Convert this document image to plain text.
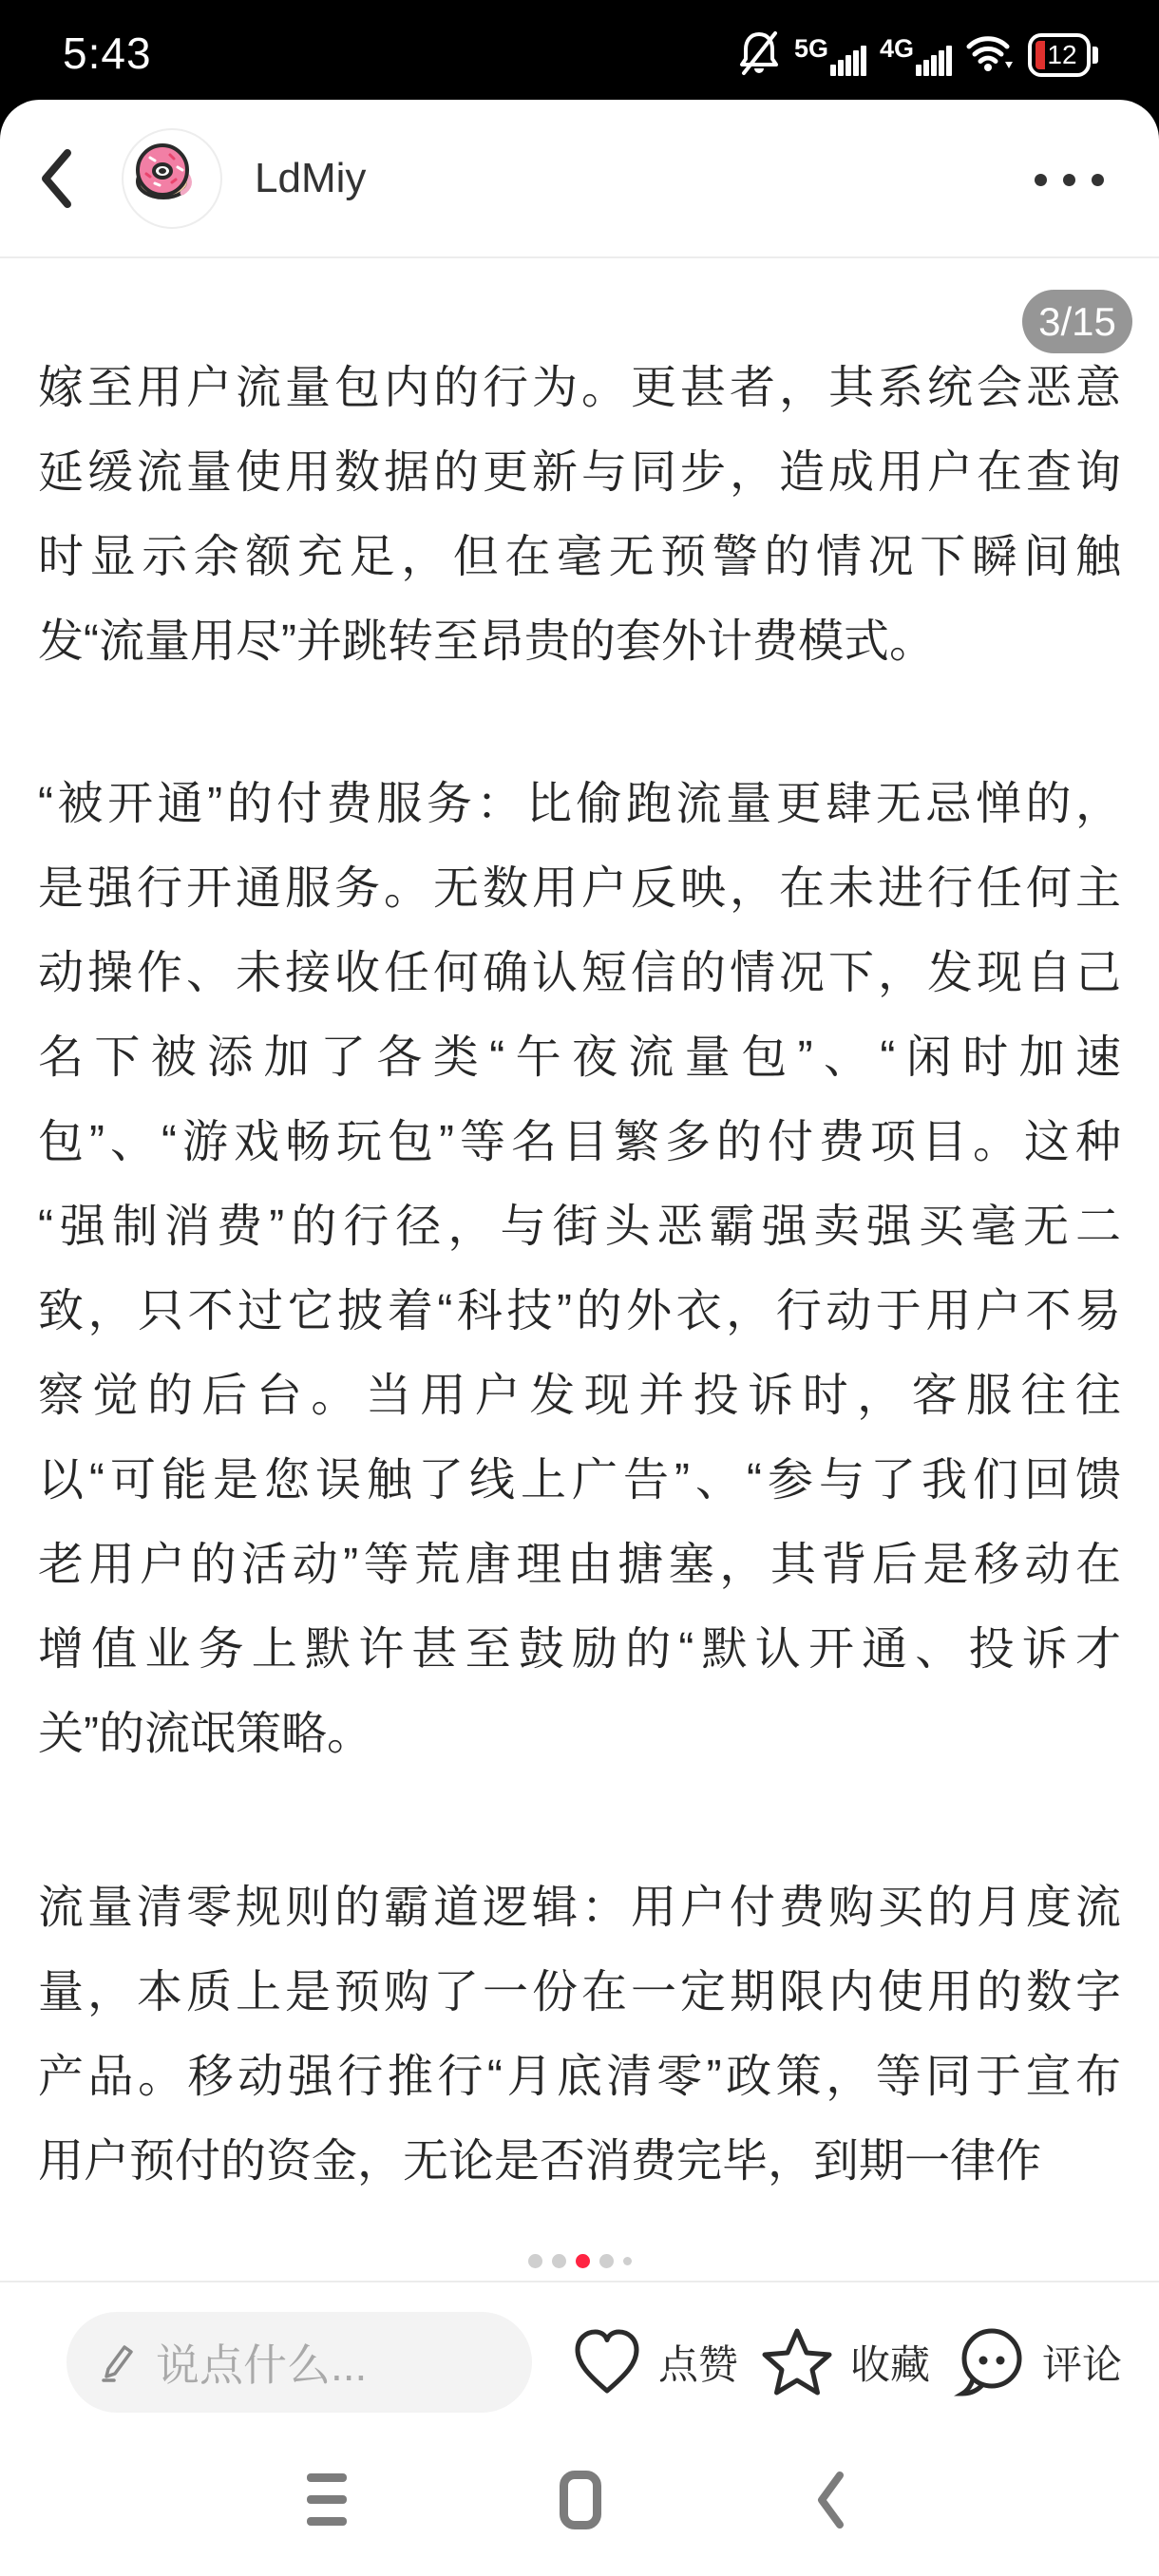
5:43	5G 4G	12
LdMiy
3/15
嫁至用户流量包内的行为。更甚者，其系统会恶意
延缓流量使用数据的更新与同步，造成用户在查询
时显示余额充足，但在毫无预警的情况下瞬间触
发“流量用尽”并跳转至昂贵的套外计费模式。
“被开通”的付费服务：比偷跑流量更肆无忌惮的，
是强行开通服务。无数用户反映，在未进行任何主
动操作、未接收任何确认短信的情况下，发现自己
名下被添加了各类“午夜流量包”、“闲时加速
包”、“游戏畅玩包”等名目繁多的付费项目。这种
“强制消费”的行径，与街头恶霸强卖强买毫无二
致，只不过它披着“科技”的外衣，行动于用户不易
察觉的后台。当用户发现并投诉时，客服往往
以“可能是您误触了线上广告”、“参与了我们回馈
老用户的活动”等荒唐理由搪塞，其背后是移动在
增值业务上默许甚至鼓励的“默认开通、投诉才
关”的流氓策略。
流量清零规则的霸道逻辑：用户付费购买的月度流
量，本质上是预购了一份在一定期限内使用的数字
产品。移动强行推行“月底清零”政策，等同于宣布
用户预付的资金，无论是否消费完毕，到期一律作
说点什么...	点赞	收藏	评论
